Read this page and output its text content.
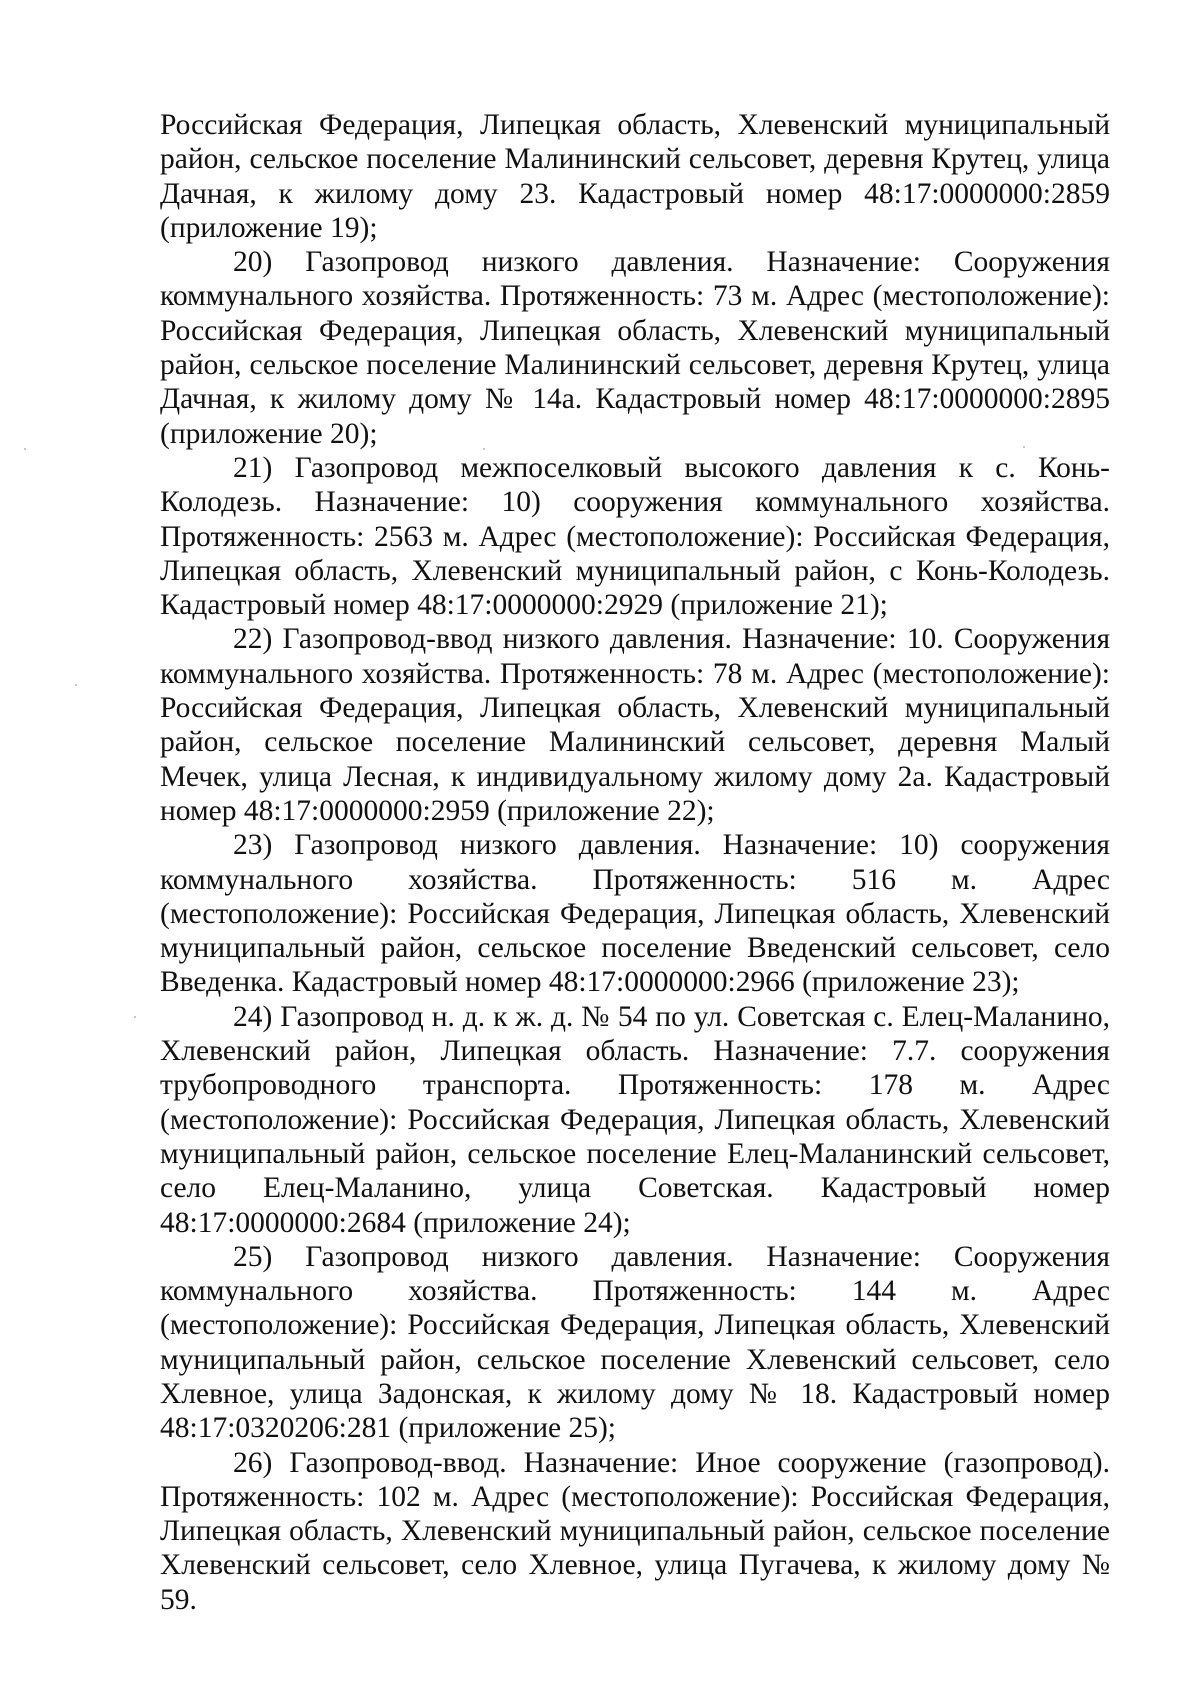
Российская Федерация, Липецкая область, Хлевенский муниципальный район, сельское поселение Малининский сельсовет, деревня Крутец, улица Дачная, к жилому дому 23. Кадастровый номер 48:17:0000000:2859 (приложение 19);

20) Газопровод низкого давления. Назначение: Сооружения коммунального хозяйства. Протяженность: 73 м. Адрес (местоположение): Российская Федерация, Липецкая область, Хлевенский муниципальный район, сельское поселение Малининский сельсовет, деревня Крутец, улица Дачная, к жилому дому № 14а. Кадастровый номер 48:17:0000000:2895 (приложение 20);

21) Газопровод межпоселковый высокого давления к с. Конь-Колодезь. Назначение: 10) сооружения коммунального хозяйства. Протяженность: 2563 м. Адрес (местоположение): Российская Федерация, Липецкая область, Хлевенский муниципальный район, с Конь-Колодезь. Кадастровый номер 48:17:0000000:2929 (приложение 21);

22) Газопровод-ввод низкого давления. Назначение: 10. Сооружения коммунального хозяйства. Протяженность: 78 м. Адрес (местоположение): Российская Федерация, Липецкая область, Хлевенский муниципальный район, сельское поселение Малининский сельсовет, деревня Малый Мечек, улица Лесная, к индивидуальному жилому дому 2а. Кадастровый номер 48:17:0000000:2959 (приложение 22);

23) Газопровод низкого давления. Назначение: 10) сооружения коммунального хозяйства. Протяженность: 516 м. Адрес (местоположение): Российская Федерация, Липецкая область, Хлевенский муниципальный район, сельское поселение Введенский сельсовет, село Введенка. Кадастровый номер 48:17:0000000:2966 (приложение 23);

24) Газопровод н. д. к ж. д. № 54 по ул. Советская с. Елец-Маланино, Хлевенский район, Липецкая область. Назначение: 7.7. сооружения трубопроводного транспорта. Протяженность: 178 м. Адрес (местоположение): Российская Федерация, Липецкая область, Хлевенский муниципальный район, сельское поселение Елец-Маланинский сельсовет, село Елец-Маланино, улица Советская. Кадастровый номер 48:17:0000000:2684 (приложение 24);

25) Газопровод низкого давления. Назначение: Сооружения коммунального хозяйства. Протяженность: 144 м. Адрес (местоположение): Российская Федерация, Липецкая область, Хлевенский муниципальный район, сельское поселение Хлевенский сельсовет, село Хлевное, улица Задонская, к жилому дому № 18. Кадастровый номер 48:17:0320206:281 (приложение 25);

26) Газопровод-ввод. Назначение: Иное сооружение (газопровод). Протяженность: 102 м. Адрес (местоположение): Российская Федерация, Липецкая область, Хлевенский муниципальный район, сельское поселение Хлевенский сельсовет, село Хлевное, улица Пугачева, к жилому дому № 59.
